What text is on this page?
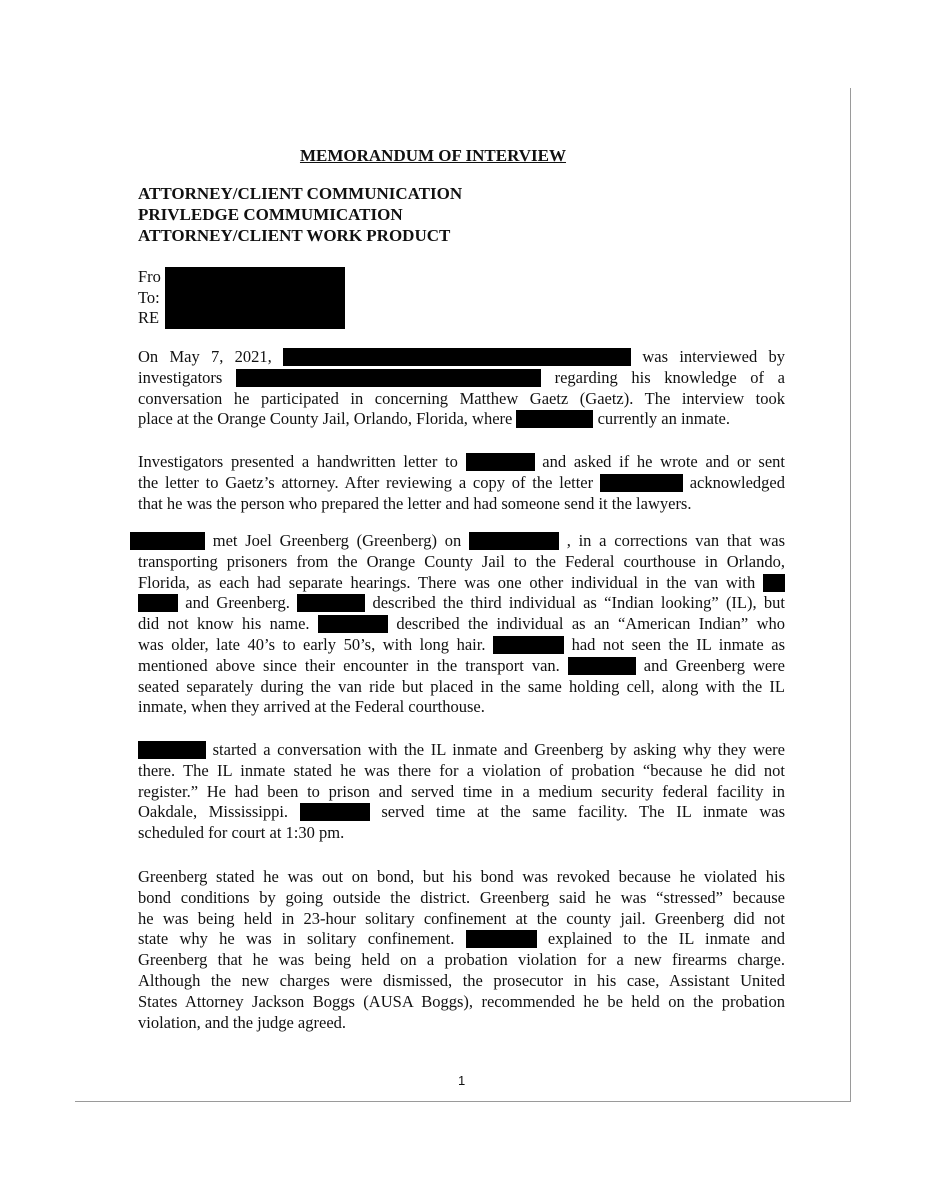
MEMORANDUM OF INTERVIEW
ATTORNEY/CLIENT COMMUNICATION
PRIVLEDGE COMMUMICATION
ATTORNEY/CLIENT WORK PRODUCT
Fro
To:
RE
On May 7, 2021,	was interviewed by
investigators	regarding his knowledge of a
conversation he participated in concerning Matthew Gaetz (Gaetz). The interview took
place at the Orange County Jail, Orlando, Florida, where	currently an inmate.
Investigators presented a handwritten letter to	and asked if he wrote and or sent
the letter to Gaetz’s attorney. After reviewing a copy of the letter	acknowledged
that he was the person who prepared the letter and had someone send it the lawyers.
met Joel Greenberg (Greenberg) on	, in a corrections van that was
transporting prisoners from the Orange County Jail to the Federal courthouse in Orlando,
Florida, as each had separate hearings. There was one other individual in the van with
and Greenberg.	described the third individual as “Indian looking” (IL), but
did not know his name.	described the individual as an “American Indian” who
was older, late 40’s to early 50’s, with long hair.	had not seen the IL inmate as
mentioned above since their encounter in the transport van.	and Greenberg were
seated separately during the van ride but placed in the same holding cell, along with the IL
inmate, when they arrived at the Federal courthouse.
started a conversation with the IL inmate and Greenberg by asking why they were
there. The IL inmate stated he was there for a violation of probation “because he did not
register.” He had been to prison and served time in a medium security federal facility in
Oakdale, Mississippi.	served time at the same facility. The IL inmate was
scheduled for court at 1:30 pm.
Greenberg stated he was out on bond, but his bond was revoked because he violated his
bond conditions by going outside the district. Greenberg said he was “stressed” because
he was being held in 23-hour solitary confinement at the county jail. Greenberg did not
state why he was in solitary confinement.	explained to the IL inmate and
Greenberg that he was being held on a probation violation for a new firearms charge.
Although the new charges were dismissed, the prosecutor in his case, Assistant United
States Attorney Jackson Boggs (AUSA Boggs), recommended he be held on the probation
violation, and the judge agreed.
1
